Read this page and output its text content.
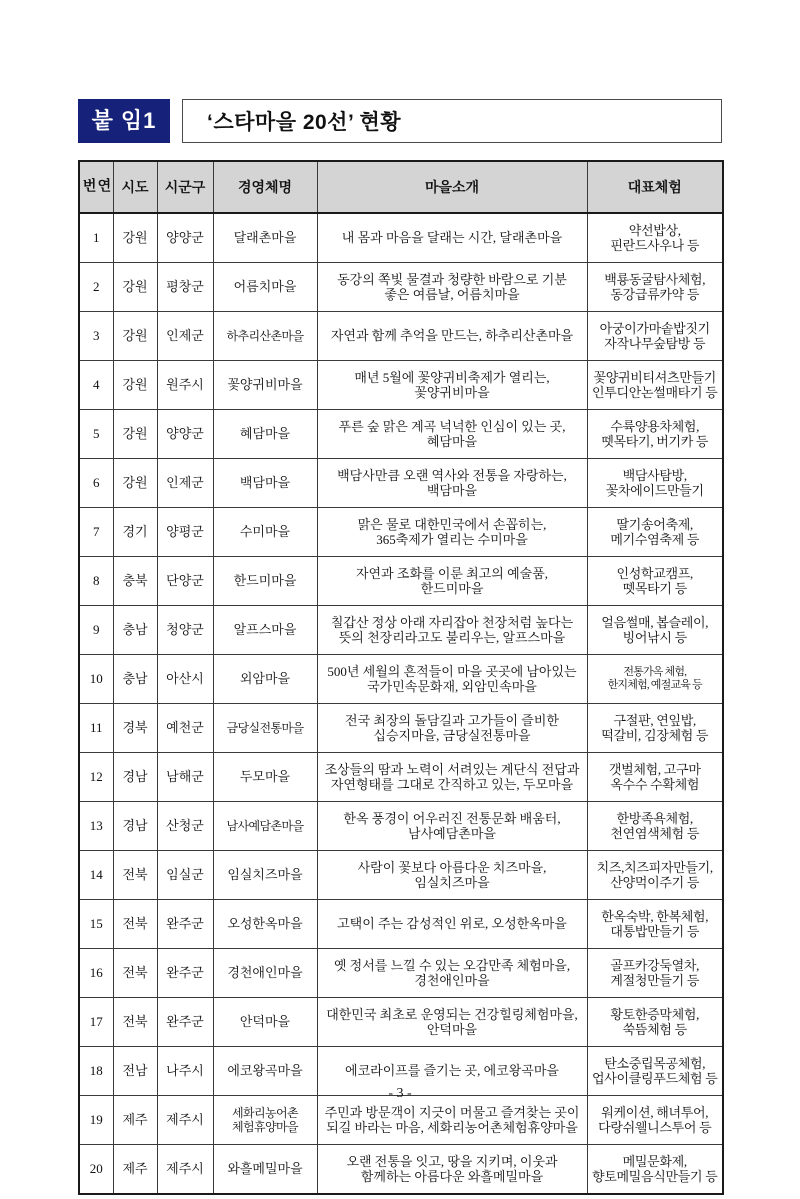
붙 임1	‘스타마을 20선’ 현황
연 번	시도	시군구	경영체명	마을소개	대표체험
1	강원	양양군	달래촌마을	내 몸과 마음을 달래는 시간, 달래촌마을	약선밥상,
핀란드사우나 등

2	강원	평창군	어름치마을	동강의 쪽빛 물결과 청량한 바람으로 기분
좋은 여름날, 어름치마을	백룡동굴탐사체험,
동강급류카약 등

3	강원	인제군	하추리산촌마을	자연과 함께 추억을 만드는, 하추리산촌마을	아궁이가마솥밥짓기
자작나무숲탐방 등

4	강원	원주시	꽃양귀비마을	매년 5월에 꽃양귀비축제가 열리는,
꽃양귀비마을	꽃양귀비티셔츠만들기
인투디안논썰매타기 등

5	강원	양양군	혜담마을	푸른 숲 맑은 계곡 넉넉한 인심이 있는 곳,
혜담마을	수륙양용차체험,
뗏목타기, 버기카 등

6	강원	인제군	백담마을	백담사만큼 오랜 역사와 전통을 자랑하는,
백담마을	백담사탐방,
꽃차에이드만들기

7	경기	양평군	수미마을	맑은 물로 대한민국에서 손꼽히는,
365축제가 열리는 수미마을	딸기송어축제,
메기수염축제 등

8	충북	단양군	한드미마을	자연과 조화를 이룬 최고의 예술품,
한드미마을	인성학교캠프,
뗏목타기 등

9	충남	청양군	알프스마을	칠갑산 정상 아래 자리잡아 천장처럼 높다는
뜻의 천장리라고도 불리우는, 알프스마을	얼음썰매, 봅슬레이,
빙어낚시 등

10	충남	아산시	외암마을	500년 세월의 흔적들이 마을 곳곳에 남아있는
국가민속문화재, 외암민속마을	전통가옥 체험,
한지체험, 예절교육 등

11	경북	예천군	금당실전통마을	전국 최장의 돌담길과 고가들이 즐비한
십승지마을, 금당실전통마을	구절판, 연잎밥,
떡갈비, 김장체험 등

12	경남	남해군	두모마을	조상들의 땀과 노력이 서려있는 계단식 전답과
자연형태를 그대로 간직하고 있는, 두모마을	갯벌체험, 고구마
옥수수 수확체험

13	경남	산청군	남사예담촌마을	한옥 풍경이 어우러진 전통문화 배움터,
남사예담촌마을	한방족욕체험,
천연염색체험 등

14	전북	임실군	임실치즈마을	사람이 꽃보다 아름다운 치즈마을,
임실치즈마을	치즈,치즈피자만들기,
산양먹이주기 등

15	전북	완주군	오성한옥마을	고택이 주는 감성적인 위로, 오성한옥마을	한옥숙박, 한복체험,
대통밥만들기 등

16	전북	완주군	경천애인마을	옛 정서를 느낄 수 있는 오감만족 체험마을,
경천애인마을	골프카강둑열차,
계절청만들기 등

17	전북	완주군	안덕마을	대한민국 최초로 운영되는 건강힐링체험마을,
안덕마을	황토한증막체험,
쑥뜸체험 등

18	전남	나주시	에코왕곡마을	에코라이프를 즐기는 곳, 에코왕곡마을	탄소중립목공체험,
업사이클링푸드체험 등

19	제주	제주시	세화리농어촌
체험휴양마을	주민과 방문객이 지긋이 머물고 즐겨찾는 곳이
되길 바라는 마음, 세화리농어촌체험휴양마을	워케이션, 해녀투어,
다랑쉬웰니스투어 등

20	제주	제주시	와흘메밀마을	오랜 전통을 잇고, 땅을 지키며, 이웃과
함께하는 아름다운 와흘메밀마을	메밀문화제,
향토메밀음식만들기 등
- 3 -
